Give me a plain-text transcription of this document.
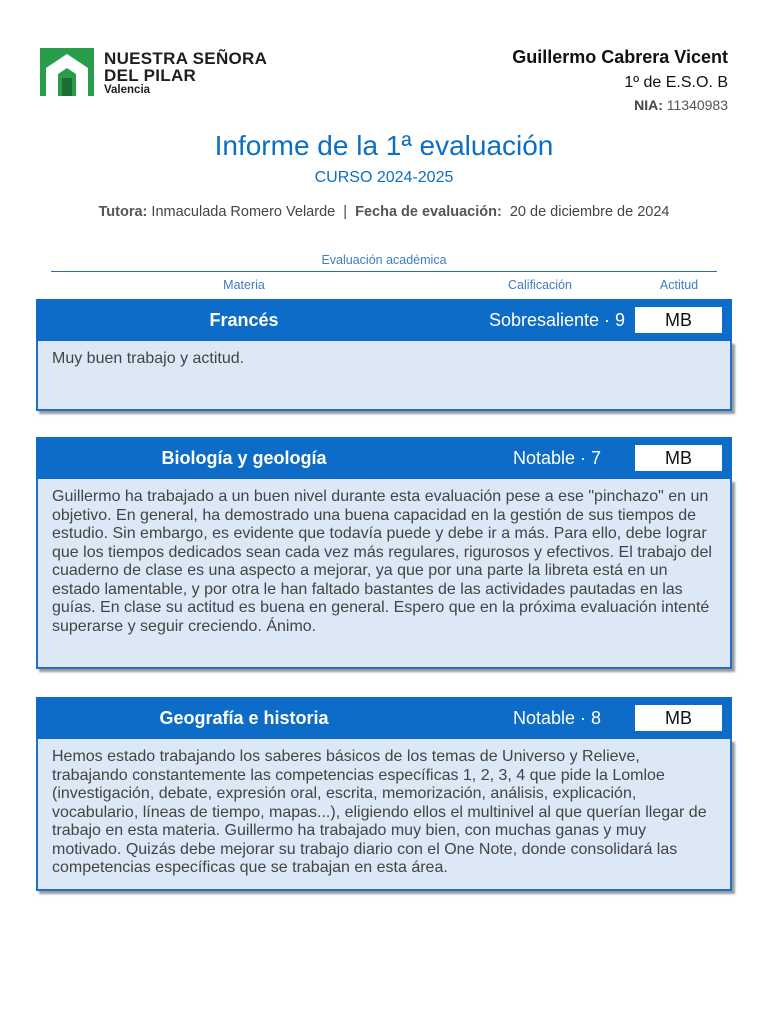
NUESTRA SEÑORA
DEL PILAR
Valencia
Guillermo Cabrera Vicent
1º de E.S.O. B
NIA: 11340983
Informe de la 1ª evaluación
CURSO 2024-2025
Tutora: Inmaculada Romero Velarde | Fecha de evaluación: 20 de diciembre de 2024
Evaluación académica
Materia	Calificación	Actitud
Francés	Sobresaliente · 9	MB
Muy buen trabajo y actitud.
Biología y geología	Notable · 7	MB
Guillermo ha trabajado a un buen nivel durante esta evaluación pese a ese "pinchazo" en un objetivo. En general, ha demostrado una buena capacidad en la gestión de sus tiempos de estudio. Sin embargo, es evidente que todavía puede y debe ir a más. Para ello, debe lograr que los tiempos dedicados sean cada vez más regulares, rigurosos y efectivos. El trabajo del cuaderno de clase es una aspecto a mejorar, ya que por una parte la libreta está en un estado lamentable, y por otra le han faltado bastantes de las actividades pautadas en las guías. En clase su actitud es buena en general. Espero que en la próxima evaluación intenté superarse y seguir creciendo. Ánimo.
Geografía e historia	Notable · 8	MB
Hemos estado trabajando los saberes básicos de los temas de Universo y Relieve, trabajando constantemente las competencias específicas 1, 2, 3, 4 que pide la Lomloe (investigación, debate, expresión oral, escrita, memorización, análisis, explicación, vocabulario, líneas de tiempo, mapas...), eligiendo ellos el multinivel al que querían llegar de trabajo en esta materia. Guillermo ha trabajado muy bien, con muchas ganas y muy motivado. Quizás debe mejorar su trabajo diario con el One Note, donde consolidará las competencias específicas que se trabajan en esta área.
